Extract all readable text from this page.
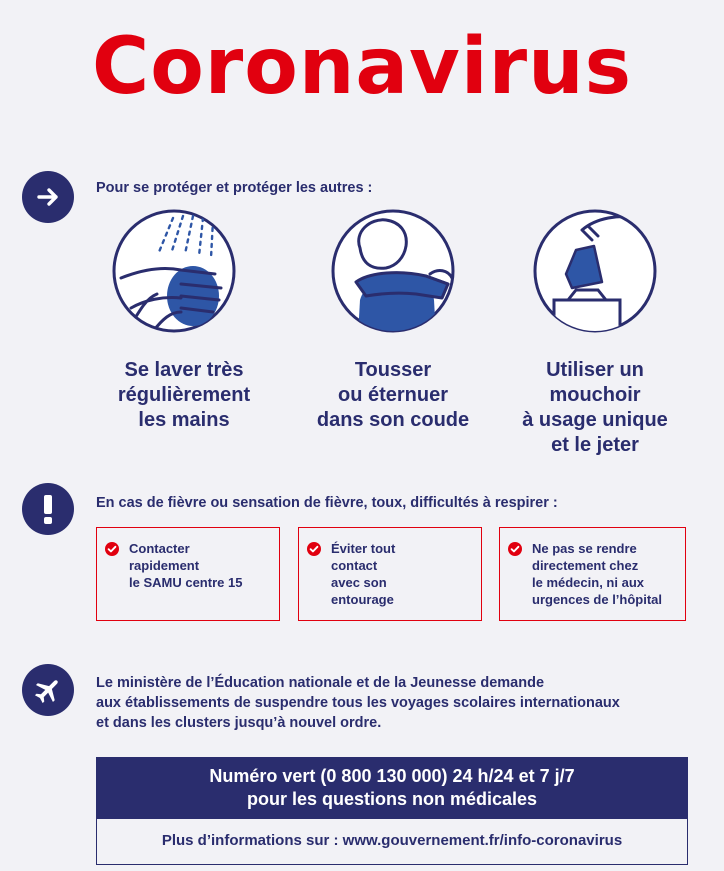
Coronavirus
Pour se protéger et protéger les autres :
Se laver très
régulièrement
les mains
Tousser
ou éternuer
dans son coude
Utiliser un
mouchoir
à usage unique
et le jeter
En cas de fièvre ou sensation de fièvre, toux, difficultés à respirer :
Contacter
rapidement
le SAMU centre 15
Éviter tout
contact
avec son
entourage
Ne pas se rendre
directement chez
le médecin, ni aux
urgences de l’hôpital
Le ministère de l’Éducation nationale et de la Jeunesse demande
aux établissements de suspendre tous les voyages scolaires internationaux
et dans les clusters jusqu’à nouvel ordre.
Numéro vert (0 800 130 000) 24 h/24 et 7 j/7
pour les questions non médicales
Plus d’informations sur : www.gouvernement.fr/info-coronavirus
